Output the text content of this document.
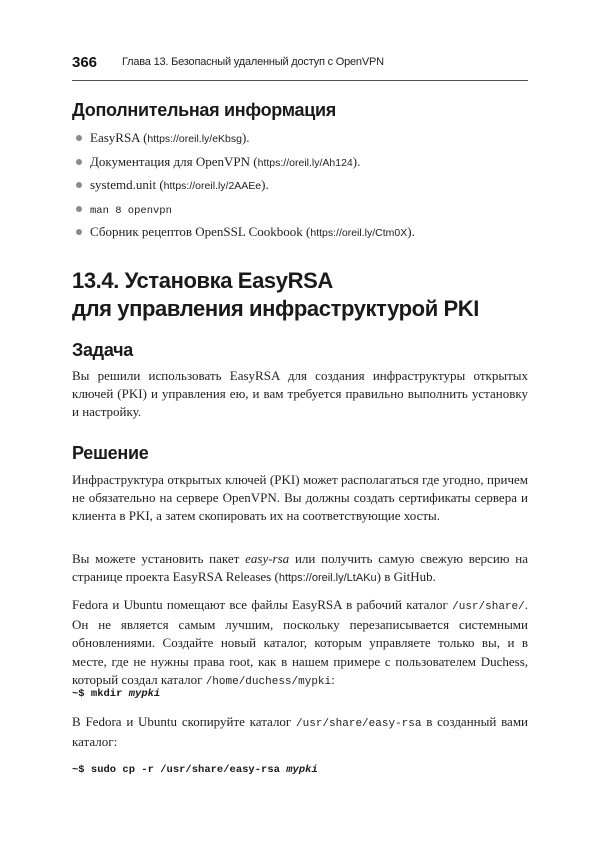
366 Глава 13. Безопасный удаленный доступ с OpenVPN
Дополнительная информация
EasyRSA (https://oreil.ly/eKbsg).
Документация для OpenVPN (https://oreil.ly/Ah124).
systemd.unit (https://oreil.ly/2AAEe).
man 8 openvpn
Сборник рецептов OpenSSL Cookbook (https://oreil.ly/Ctm0X).
13.4. Установка EasyRSA
для управления инфраструктурой PKI
Задача

Вы решили использовать EasyRSA для создания инфраструктуры открытых ключей (PKI) и управления ею, и вам требуется правильно выполнить установку и настройку.

Решение

Инфраструктура открытых ключей (PKI) может располагаться где угодно, причем не обязательно на сервере OpenVPN. Вы должны создать сертификаты сервера и клиента в PKI, а затем скопировать их на соответствующие хосты.

Вы можете установить пакет easy-rsa или получить самую свежую версию на странице проекта EasyRSA Releases (https://oreil.ly/LtAKu) в GitHub.

Fedora и Ubuntu помещают все файлы EasyRSA в рабочий каталог /usr/share/. Он не является самым лучшим, поскольку перезаписывается системными обновлениями. Создайте новый каталог, которым управляете только вы, и в месте, где не нужны права root, как в нашем примере с пользователем Duchess, который создал каталог /home/duchess/mypki:

~$ mkdir mypki

В Fedora и Ubuntu скопируйте каталог /usr/share/easy-rsa в созданный вами каталог:

~$ sudo cp -r /usr/share/easy-rsa mypki
